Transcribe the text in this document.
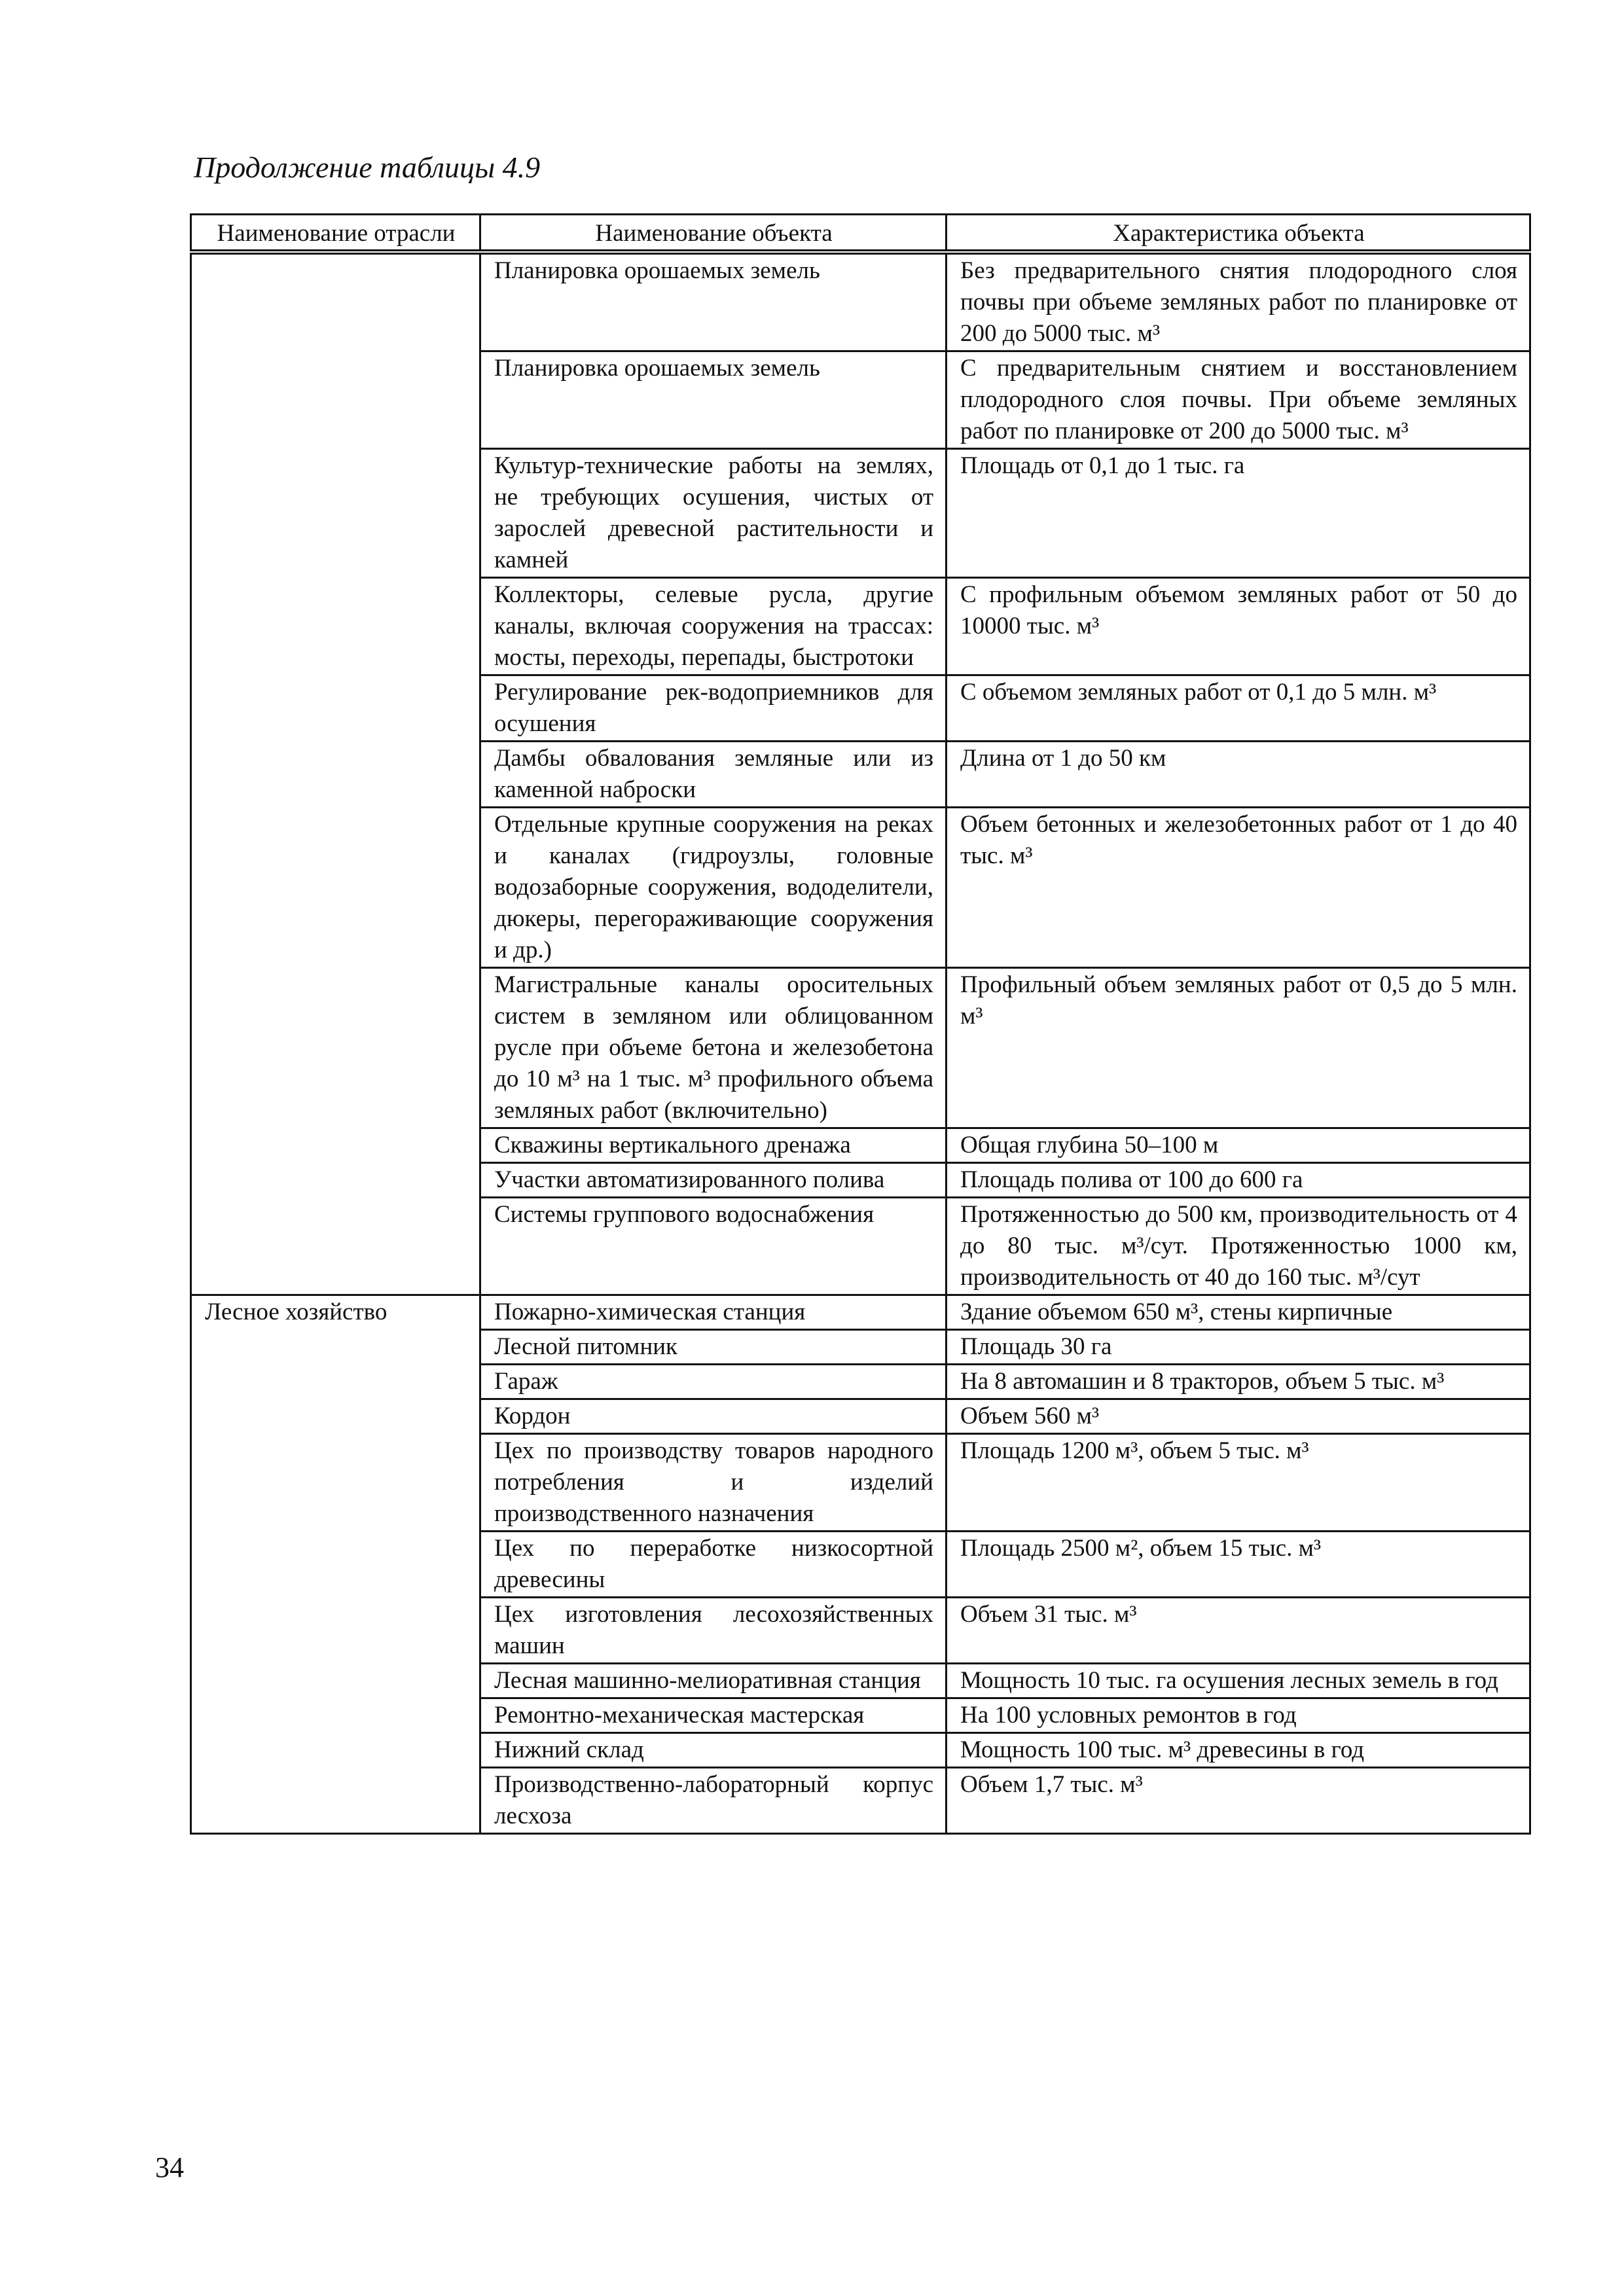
Продолжение таблицы 4.9
Наименование отрасли	Наименование объекта	Характеристика объекта
	Планировка орошаемых земель	Без предварительного снятия плодородного слоя почвы при объеме земляных работ по планировке от 200 до 5000 тыс. м³
	Планировка орошаемых земель	С предварительным снятием и восстановлением плодородного слоя почвы. При объеме земляных работ по планировке от 200 до 5000 тыс. м³
	Культур-технические работы на землях, не требующих осушения, чистых от зарослей древесной растительности и камней	Площадь от 0,1 до 1 тыс. га
	Коллекторы, селевые русла, другие каналы, включая сооружения на трассах: мосты, переходы, перепады, быстротоки	С профильным объемом земляных работ от 50 до 10000 тыс. м³
	Регулирование рек-водоприемников для осушения	С объемом земляных работ от 0,1 до 5 млн. м³
	Дамбы обвалования земляные или из каменной наброски	Длина от 1 до 50 км
	Отдельные крупные сооружения на реках и каналах (гидроузлы, головные водозаборные сооружения, вододелители, дюкеры, перегораживающие сооружения и др.)	Объем бетонных и железобетонных работ от 1 до 40 тыс. м³
	Магистральные каналы оросительных систем в земляном или облицованном русле при объеме бетона и железобетона до 10 м³ на 1 тыс. м³ профильного объема земляных работ (включительно)	Профильный объем земляных работ от 0,5 до 5 млн. м³
	Скважины вертикального дренажа	Общая глубина 50–100 м
	Участки автоматизированного полива	Площадь полива от 100 до 600 га
	Системы группового водоснабжения	Протяженностью до 500 км, производительность от 4 до 80 тыс. м³/сут. Протяженностью 1000 км, производительность от 40 до 160 тыс. м³/сут
Лесное хозяйство	Пожарно-химическая станция	Здание объемом 650 м³, стены кирпичные
	Лесной питомник	Площадь 30 га
	Гараж	На 8 автомашин и 8 тракторов, объем 5 тыс. м³
	Кордон	Объем 560 м³
	Цех по производству товаров народного потребления и изделий производственного назначения	Площадь 1200 м³, объем 5 тыс. м³
	Цех по переработке низкосортной древесины	Площадь 2500 м², объем 15 тыс. м³
	Цех изготовления лесохозяйственных машин	Объем 31 тыс. м³
	Лесная машинно-мелиоративная станция	Мощность 10 тыс. га осушения лесных земель в год
	Ремонтно-механическая мастерская	На 100 условных ремонтов в год
	Нижний склад	Мощность 100 тыс. м³ древесины в год
	Производственно-лабораторный корпус лесхоза	Объем 1,7 тыс. м³
34
